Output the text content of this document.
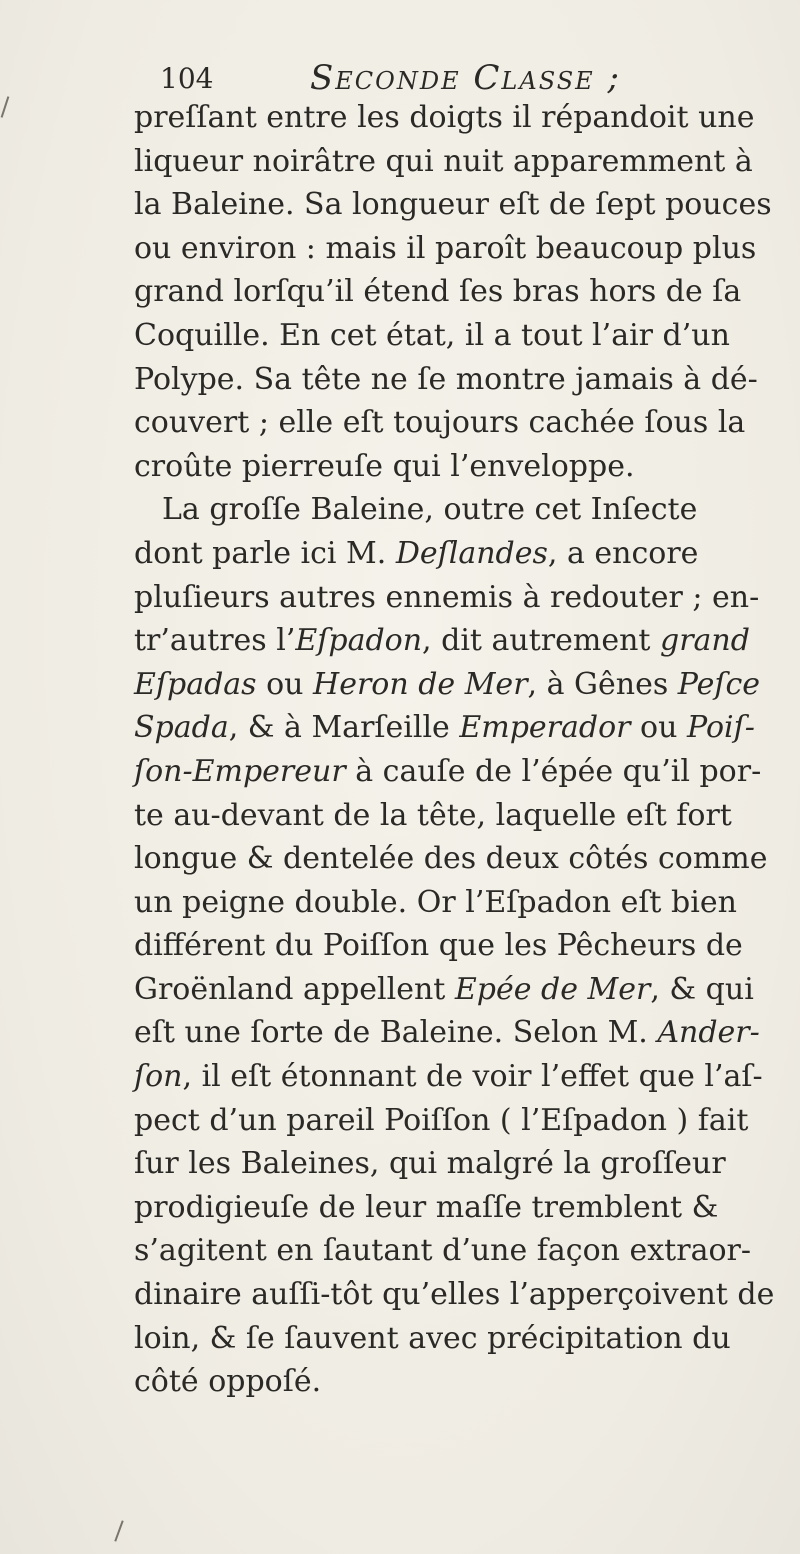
104	Seconde Classe ;
preſſant entre les doigts il répandoit une
liqueur noirâtre qui nuit apparemment à
la Baleine. Sa longueur eſt de ſept pouces
ou environ : mais il paroît beaucoup plus
grand lorſqu’il étend ſes bras hors de ſa
Coquille. En cet état, il a tout l’air d’un
Polype. Sa tête ne ſe montre jamais à dé-
couvert ; elle eſt toujours cachée ſous la
croûte pierreuſe qui l’enveloppe.
La groſſe Baleine, outre cet Inſecte
dont parle ici M. Deſlandes, a encore
pluſieurs autres ennemis à redouter ; en-
tr’autres l’Eſpadon, dit autrement grand
Eſpadas ou Heron de Mer, à Gênes Peſce
Spada, & à Marſeille Emperador ou Poiſ-
ſon-Empereur à cauſe de l’épée qu’il por-
te au-devant de la tête, laquelle eſt fort
longue & dentelée des deux côtés comme
un peigne double. Or l’Eſpadon eſt bien
différent du Poiſſon que les Pêcheurs de
Groënland appellent Epée de Mer, & qui
eſt une ſorte de Baleine. Selon M. Ander-
ſon, il eſt étonnant de voir l’effet que l’aſ-
pect d’un pareil Poiſſon ( l’Eſpadon ) fait
ſur les Baleines, qui malgré la groſſeur
prodigieuſe de leur maſſe tremblent &
s’agitent en ſautant d’une façon extraor-
dinaire auſſi-tôt qu’elles l’apperçoivent de
loin, & ſe ſauvent avec précipitation du
côté oppoſé.
